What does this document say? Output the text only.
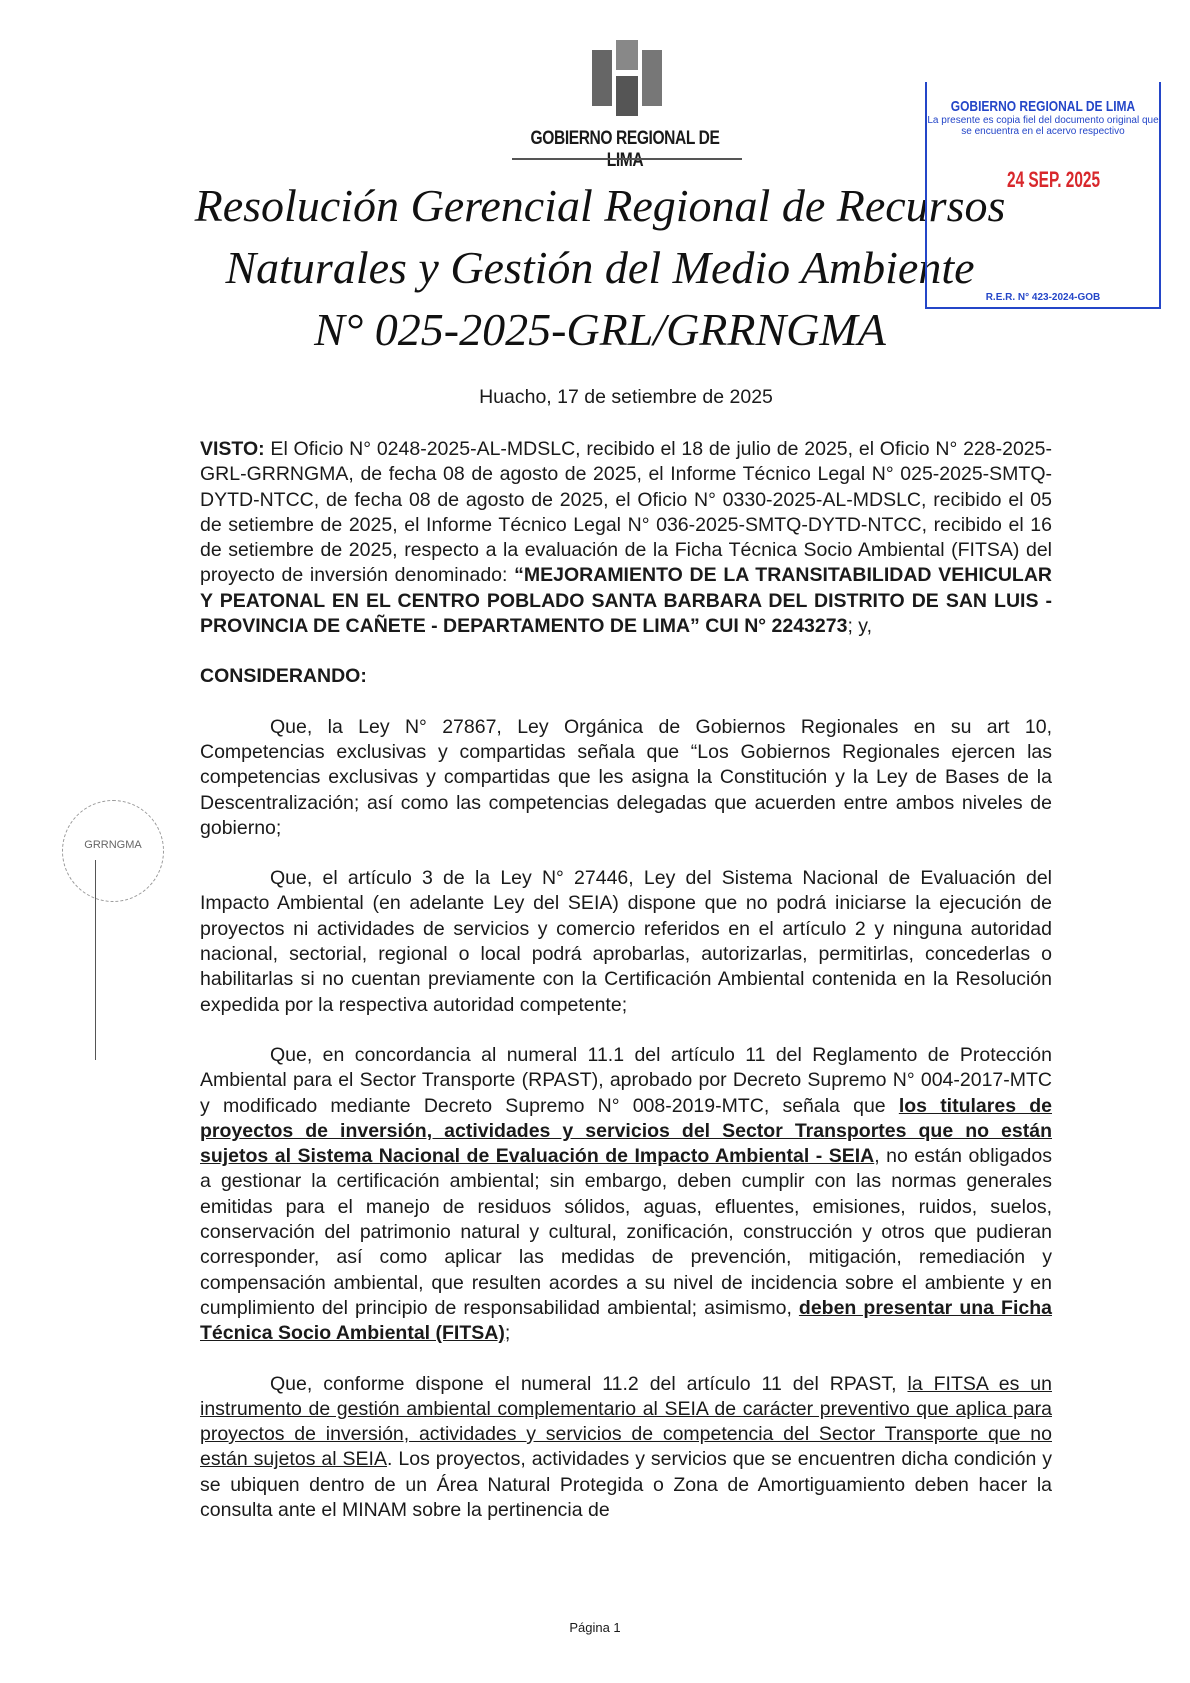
GOBIERNO REGIONAL DE LIMA
Resolución Gerencial Regional de Recursos
Naturales y Gestión del Medio Ambiente
N° 025-2025-GRL/GRRNGMA
GOBIERNO REGIONAL DE LIMA
La presente es copia fiel del documento original que se encuentra en el acervo respectivo
24 SEP. 2025
R.E.R. N° 423-2024-GOB
Huacho, 17 de setiembre de 2025

VISTO: El Oficio N° 0248-2025-AL-MDSLC, recibido el 18 de julio de 2025, el Oficio N° 228-2025-GRL-GRRNGMA, de fecha 08 de agosto de 2025, el Informe Técnico Legal N° 025-2025-SMTQ-DYTD-NTCC, de fecha 08 de agosto de 2025, el Oficio N° 0330-2025-AL-MDSLC, recibido el 05 de setiembre de 2025, el Informe Técnico Legal N° 036-2025-SMTQ-DYTD-NTCC, recibido el 16 de setiembre de 2025, respecto a la evaluación de la Ficha Técnica Socio Ambiental (FITSA) del proyecto de inversión denominado: “MEJORAMIENTO DE LA TRANSITABILIDAD VEHICULAR Y PEATONAL EN EL CENTRO POBLADO SANTA BARBARA DEL DISTRITO DE SAN LUIS - PROVINCIA DE CAÑETE - DEPARTAMENTO DE LIMA” CUI N° 2243273; y,

CONSIDERANDO:

Que, la Ley N° 27867, Ley Orgánica de Gobiernos Regionales en su art 10, Competencias exclusivas y compartidas señala que “Los Gobiernos Regionales ejercen las competencias exclusivas y compartidas que les asigna la Constitución y la Ley de Bases de la Descentralización; así como las competencias delegadas que acuerden entre ambos niveles de gobierno;

Que, el artículo 3 de la Ley N° 27446, Ley del Sistema Nacional de Evaluación del Impacto Ambiental (en adelante Ley del SEIA) dispone que no podrá iniciarse la ejecución de proyectos ni actividades de servicios y comercio referidos en el artículo 2 y ninguna autoridad nacional, sectorial, regional o local podrá aprobarlas, autorizarlas, permitirlas, concederlas o habilitarlas si no cuentan previamente con la Certificación Ambiental contenida en la Resolución expedida por la respectiva autoridad competente;

Que, en concordancia al numeral 11.1 del artículo 11 del Reglamento de Protección Ambiental para el Sector Transporte (RPAST), aprobado por Decreto Supremo N° 004-2017-MTC y modificado mediante Decreto Supremo N° 008-2019-MTC, señala que los titulares de proyectos de inversión, actividades y servicios del Sector Transportes que no están sujetos al Sistema Nacional de Evaluación de Impacto Ambiental - SEIA, no están obligados a gestionar la certificación ambiental; sin embargo, deben cumplir con las normas generales emitidas para el manejo de residuos sólidos, aguas, efluentes, emisiones, ruidos, suelos, conservación del patrimonio natural y cultural, zonificación, construcción y otros que pudieran corresponder, así como aplicar las medidas de prevención, mitigación, remediación y compensación ambiental, que resulten acordes a su nivel de incidencia sobre el ambiente y en cumplimiento del principio de responsabilidad ambiental; asimismo, deben presentar una Ficha Técnica Socio Ambiental (FITSA);

Que, conforme dispone el numeral 11.2 del artículo 11 del RPAST, la FITSA es un instrumento de gestión ambiental complementario al SEIA de carácter preventivo que aplica para proyectos de inversión, actividades y servicios de competencia del Sector Transporte que no están sujetos al SEIA. Los proyectos, actividades y servicios que se encuentren dicha condición y se ubiquen dentro de un Área Natural Protegida o Zona de Amortiguamiento deben hacer la consulta ante el MINAM sobre la pertinencia de

GRRNGMA
Página 1
